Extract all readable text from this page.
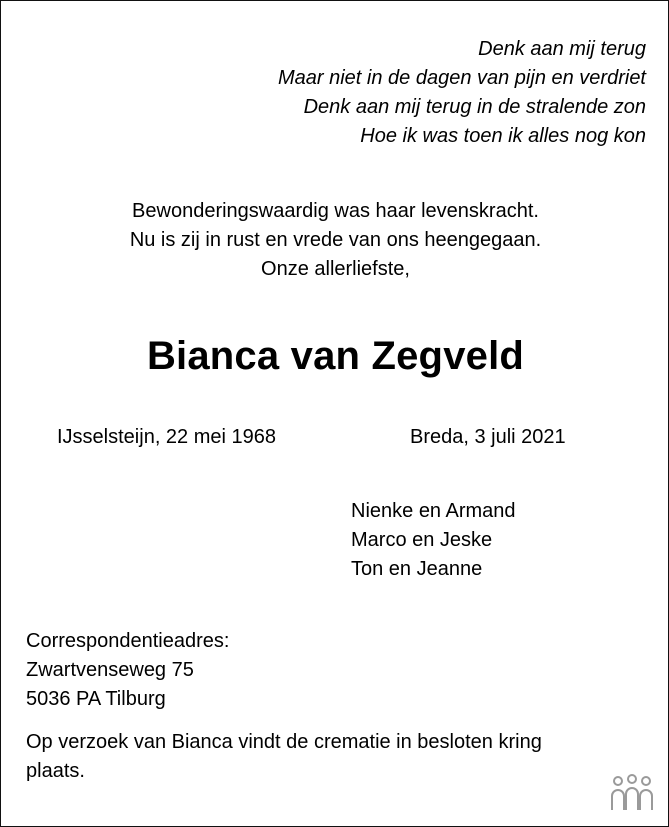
Denk aan mij terug
Maar niet in de dagen van pijn en verdriet
Denk aan mij terug in de stralende zon
Hoe ik was toen ik alles nog kon
Bewonderingswaardig was haar levenskracht.
Nu is zij in rust en vrede van ons heengegaan.
Onze allerliefste,
Bianca van Zegveld
IJsselsteijn, 22 mei 1968	Breda, 3 juli 2021
Nienke en Armand
Marco en Jeske
Ton en Jeanne
Correspondentieadres:
Zwartvenseweg 75
5036 PA Tilburg
Op verzoek van Bianca vindt de crematie in besloten kring
plaats.
